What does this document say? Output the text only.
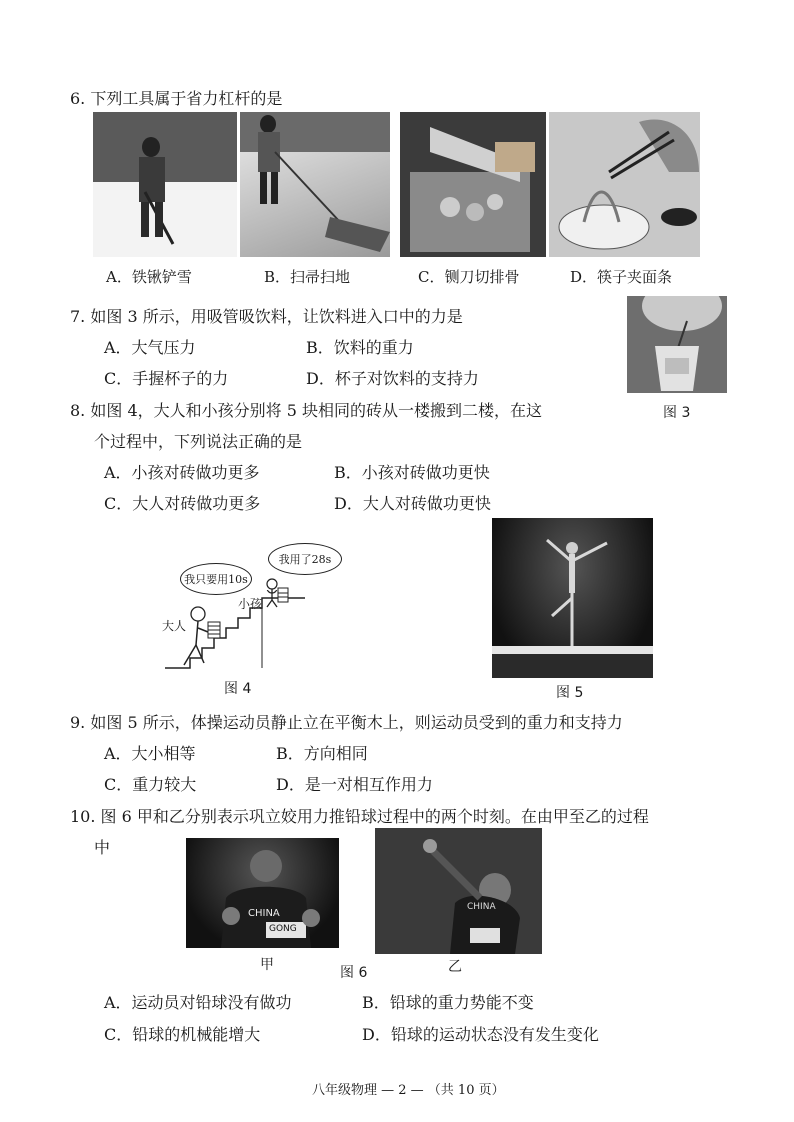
6. 下列工具属于省力杠杆的是
A．铁锹铲雪	B．扫帚扫地	C．铡刀切排骨	D．筷子夹面条
7. 如图 3 所示，用吸管吸饮料，让饮料进入口中的力是
A．大气压力	B．饮料的重力
C．手握杯子的力	D．杯子对饮料的支持力
图 3
8. 如图 4，大人和小孩分别将 5 块相同的砖从一楼搬到二楼，在这
个过程中，下列说法正确的是
A．小孩对砖做功更多	B．小孩对砖做功更快
C．大人对砖做功更多	D．大人对砖做功更快
我只要用10s
我用了28s
大人
小孩
图 4	图 5
9. 如图 5 所示，体操运动员静止立在平衡木上，则运动员受到的重力和支持力
A．大小相等	B．方向相同
C．重力较大	D．是一对相互作用力
10. 图 6 甲和乙分别表示巩立姣用力推铅球过程中的两个时刻。在由甲至乙的过程
中
CHINA
GONG
CHINA
甲	图 6	乙
A．运动员对铅球没有做功	B．铅球的重力势能不变
C．铅球的机械能增大	D．铅球的运动状态没有发生变化
八年级物理 — 2 — （共 10 页）
